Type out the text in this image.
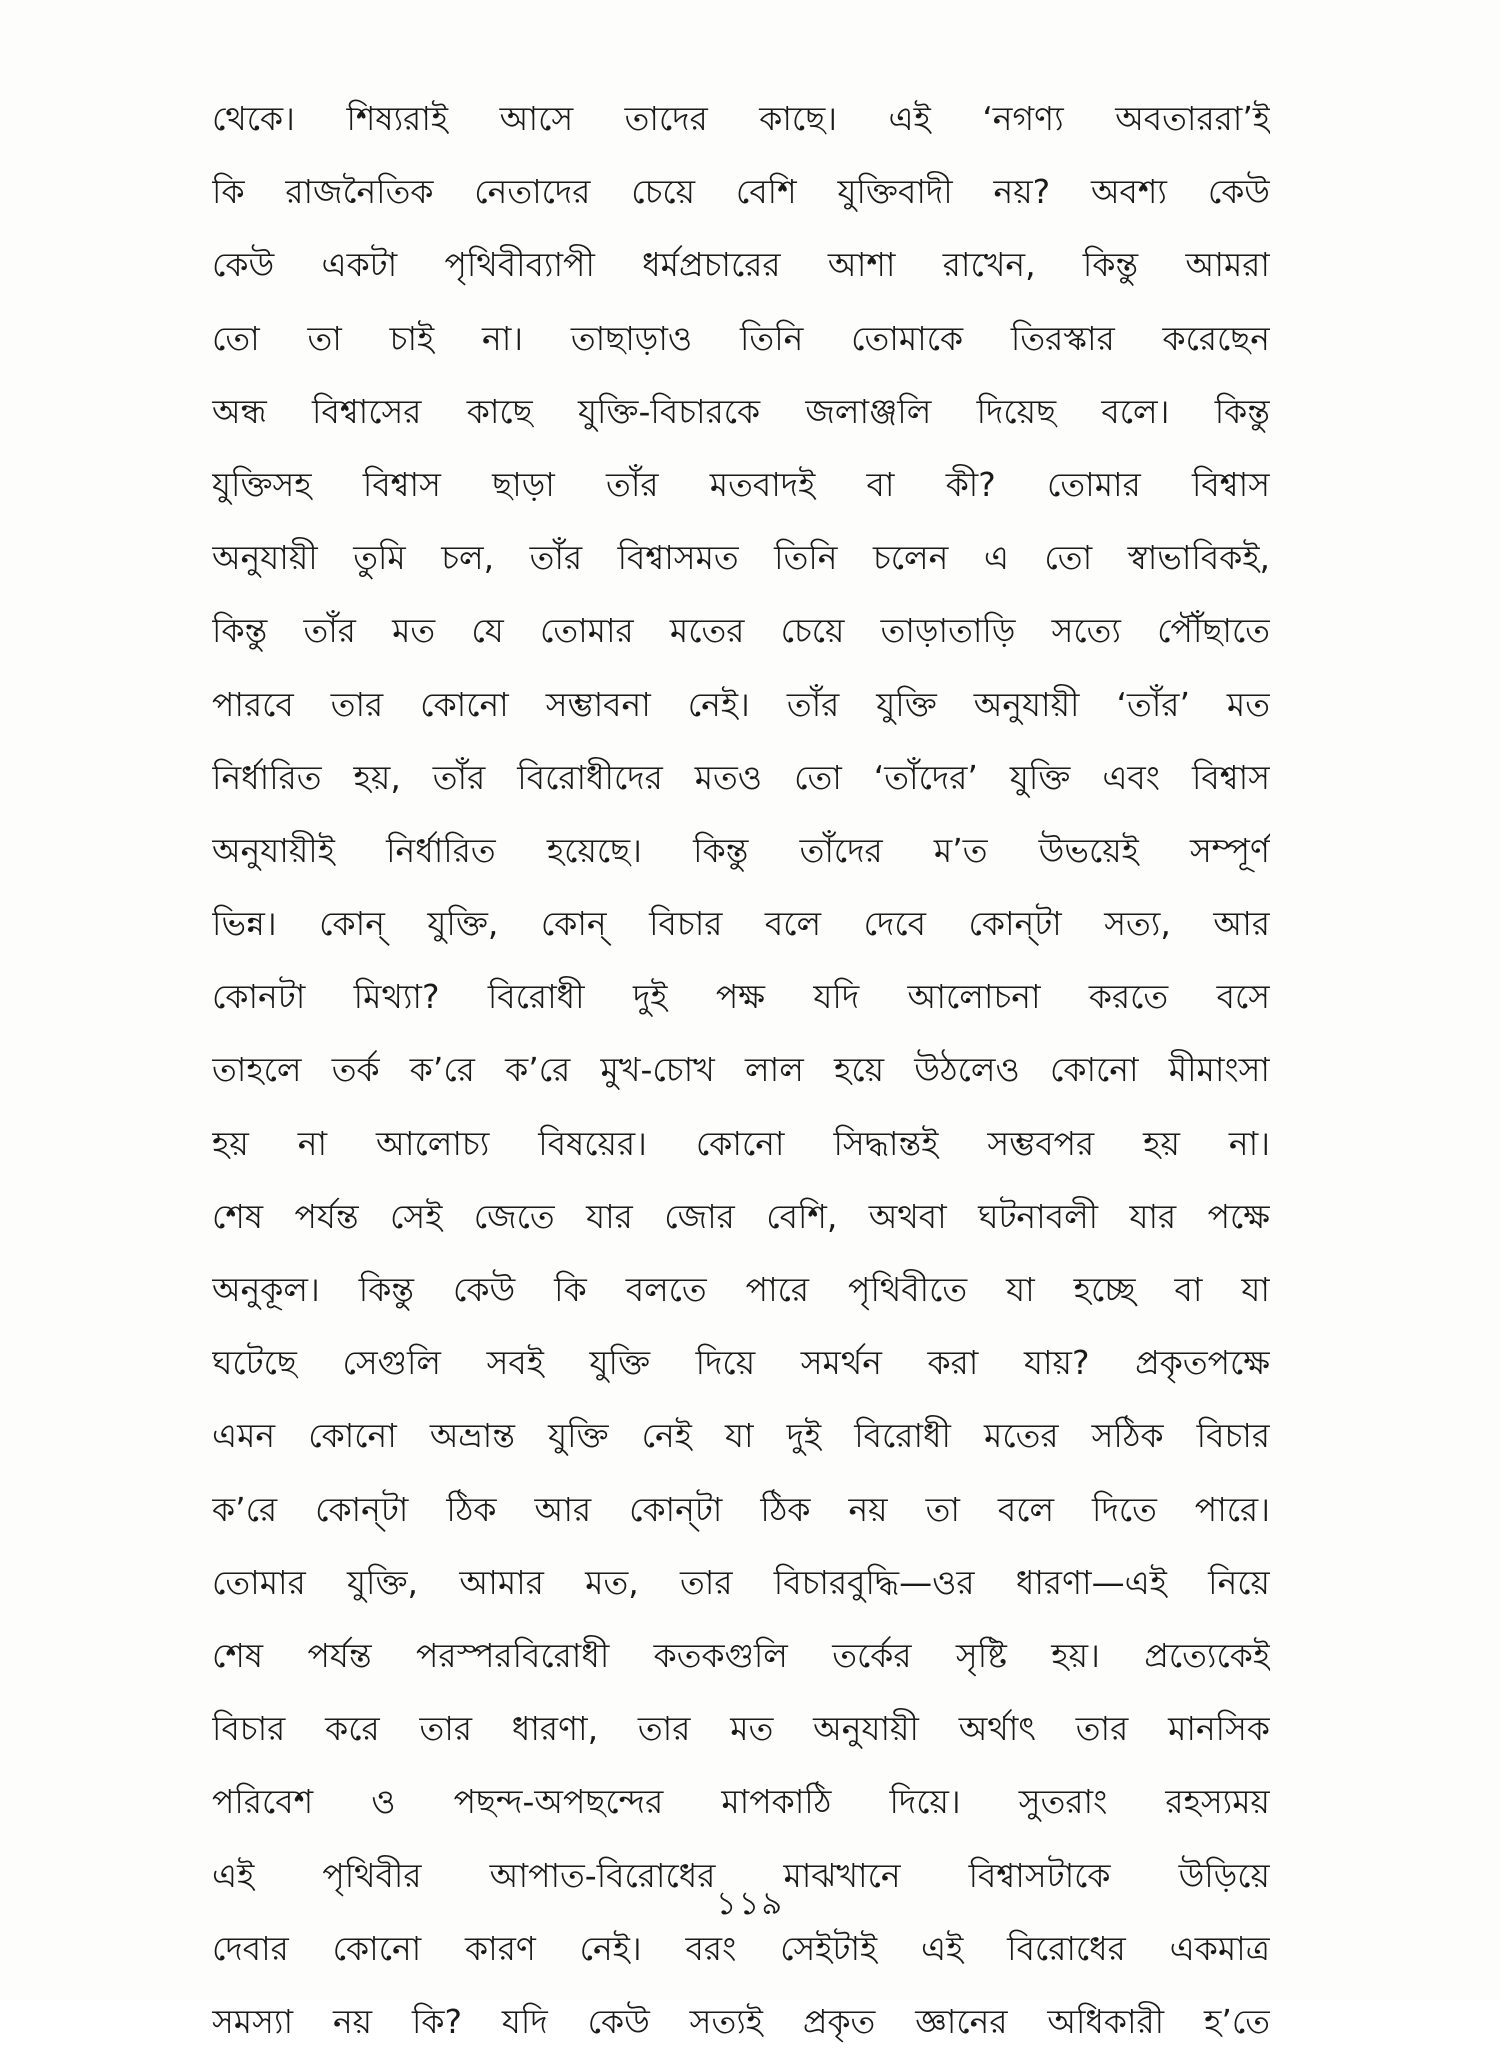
থেকে। শিষ্যরাই আসে তাদের কাছে। এই ‘নগণ্য অবতাররা’ই
কি রাজনৈতিক নেতাদের চেয়ে বেশি যুক্তিবাদী নয়? অবশ্য কেউ
কেউ একটা পৃথিবীব্যাপী ধর্মপ্রচারের আশা রাখেন, কিন্তু আমরা
তো তা চাই না। তাছাড়াও তিনি তোমাকে তিরস্কার করেছেন
অন্ধ বিশ্বাসের কাছে যুক্তি-বিচারকে জলাঞ্জলি দিয়েছ বলে। কিন্তু
যুক্তিসহ বিশ্বাস ছাড়া তাঁর মতবাদই বা কী? তোমার বিশ্বাস
অনুযায়ী তুমি চল, তাঁর বিশ্বাসমত তিনি চলেন এ তো স্বাভাবিকই,
কিন্তু তাঁর মত যে তোমার মতের চেয়ে তাড়াতাড়ি সত্যে পৌঁছাতে
পারবে তার কোনো সম্ভাবনা নেই। তাঁর যুক্তি অনুযায়ী ‘তাঁর’ মত
নির্ধারিত হয়, তাঁর বিরোধীদের মতও তো ‘তাঁদের’ যুক্তি এবং বিশ্বাস
অনুযায়ীই নির্ধারিত হয়েছে। কিন্তু তাঁদের ম’ত উভয়েই সম্পূর্ণ
ভিন্ন। কোন্ যুক্তি, কোন্ বিচার বলে দেবে কোন্‌টা সত্য, আর
কোনটা মিথ্যা? বিরোধী দুই পক্ষ যদি আলোচনা করতে বসে
তাহলে তর্ক ক’রে ক’রে মুখ-চোখ লাল হয়ে উঠলেও কোনো মীমাংসা
হয় না আলোচ্য বিষয়ের। কোনো সিদ্ধান্তই সম্ভবপর হয় না।
শেষ পর্যন্ত সেই জেতে যার জোর বেশি, অথবা ঘটনাবলী যার পক্ষে
অনুকূল। কিন্তু কেউ কি বলতে পারে পৃথিবীতে যা হচ্ছে বা যা
ঘটেছে সেগুলি সবই যুক্তি দিয়ে সমর্থন করা যায়? প্রকৃতপক্ষে
এমন কোনো অভ্রান্ত যুক্তি নেই যা দুই বিরোধী মতের সঠিক বিচার
ক’রে কোন্‌টা ঠিক আর কোন্‌টা ঠিক নয় তা বলে দিতে পারে।
তোমার যুক্তি, আমার মত, তার বিচারবুদ্ধি—ওর ধারণা—এই নিয়ে
শেষ পর্যন্ত পরস্পরবিরোধী কতকগুলি তর্কের সৃষ্টি হয়। প্রত্যেকেই
বিচার করে তার ধারণা, তার মত অনুযায়ী অর্থাৎ তার মানসিক
পরিবেশ ও পছন্দ-অপছন্দের মাপকাঠি দিয়ে। সুতরাং রহস্যময়
এই পৃথিবীর আপাত-বিরোধের মাঝখানে বিশ্বাসটাকে উড়িয়ে
দেবার কোনো কারণ নেই। বরং সেইটাই এই বিরোধের একমাত্র
সমস্যা নয় কি? যদি কেউ সত্যই প্রকৃত জ্ঞানের অধিকারী হ’তে
১১৯
